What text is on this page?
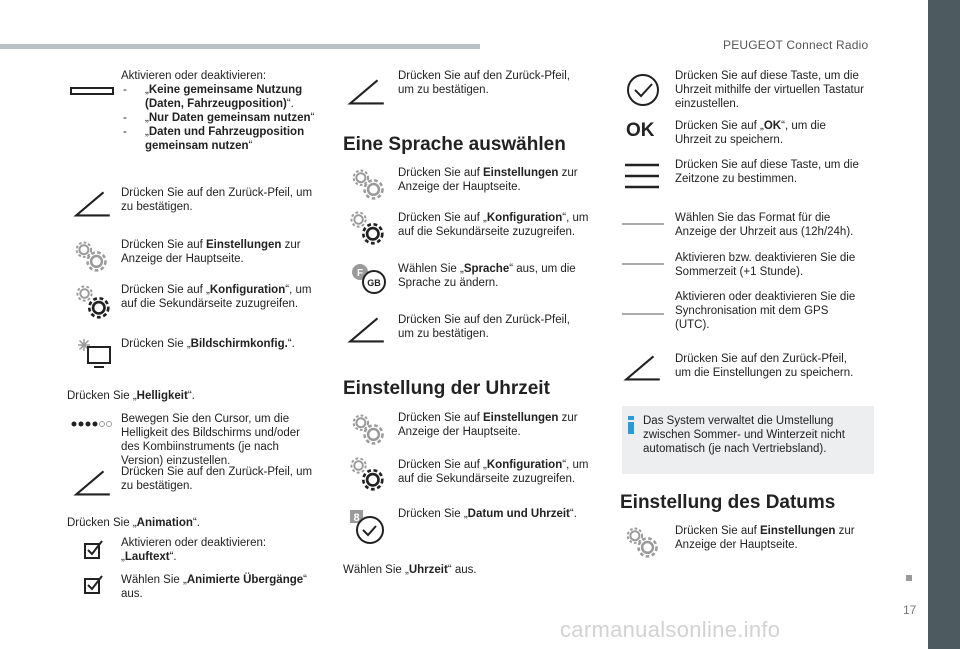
PEUGEOT Connect Radio
17
carmanualsonline.info
Aktivieren oder deaktivieren:
- „Keine gemeinsame Nutzung (Daten, Fahrzeugposition)“.
- „Nur Daten gemeinsam nutzen“
- „Daten und Fahrzeugposition gemeinsam nutzen“
Drücken Sie auf den Zurück-Pfeil, um zu bestätigen.
Drücken Sie auf Einstellungen zur Anzeige der Hauptseite.
Drücken Sie auf „Konfiguration“, um auf die Sekundärseite zuzugreifen.
Drücken Sie „Bildschirmkonfig.“.
Drücken Sie „Helligkeit“.
Bewegen Sie den Cursor, um die Helligkeit des Bildschirms und/oder des Kombiinstruments (je nach Version) einzustellen.
Drücken Sie auf den Zurück-Pfeil, um zu bestätigen.
Drücken Sie „Animation“.
Aktivieren oder deaktivieren: „Lauftext“.
Wählen Sie „Animierte Übergänge“ aus.
Drücken Sie auf den Zurück-Pfeil, um zu bestätigen.
Eine Sprache auswählen
Drücken Sie auf Einstellungen zur Anzeige der Hauptseite.
Drücken Sie auf „Konfiguration“, um auf die Sekundärseite zuzugreifen.
F
GB
Wählen Sie „Sprache“ aus, um die Sprache zu ändern.
Drücken Sie auf den Zurück-Pfeil, um zu bestätigen.
Einstellung der Uhrzeit
Drücken Sie auf Einstellungen zur Anzeige der Hauptseite.
Drücken Sie auf „Konfiguration“, um auf die Sekundärseite zuzugreifen.
8	Drücken Sie „Datum und Uhrzeit“.
Wählen Sie „Uhrzeit“ aus.
Drücken Sie auf diese Taste, um die Uhrzeit mithilfe der virtuellen Tastatur einzustellen.
OK Drücken Sie auf „OK“, um die Uhrzeit zu speichern.
Drücken Sie auf diese Taste, um die Zeitzone zu bestimmen.
Wählen Sie das Format für die Anzeige der Uhrzeit aus (12h/24h).
Aktivieren bzw. deaktivieren Sie die Sommerzeit (+1 Stunde).
Aktivieren oder deaktivieren Sie die Synchronisation mit dem GPS (UTC).
Drücken Sie auf den Zurück-Pfeil, um die Einstellungen zu speichern.
Das System verwaltet die Umstellung zwischen Sommer- und Winterzeit nicht automatisch (je nach Vertriebsland).
Einstellung des Datums
Drücken Sie auf Einstellungen zur Anzeige der Hauptseite.
